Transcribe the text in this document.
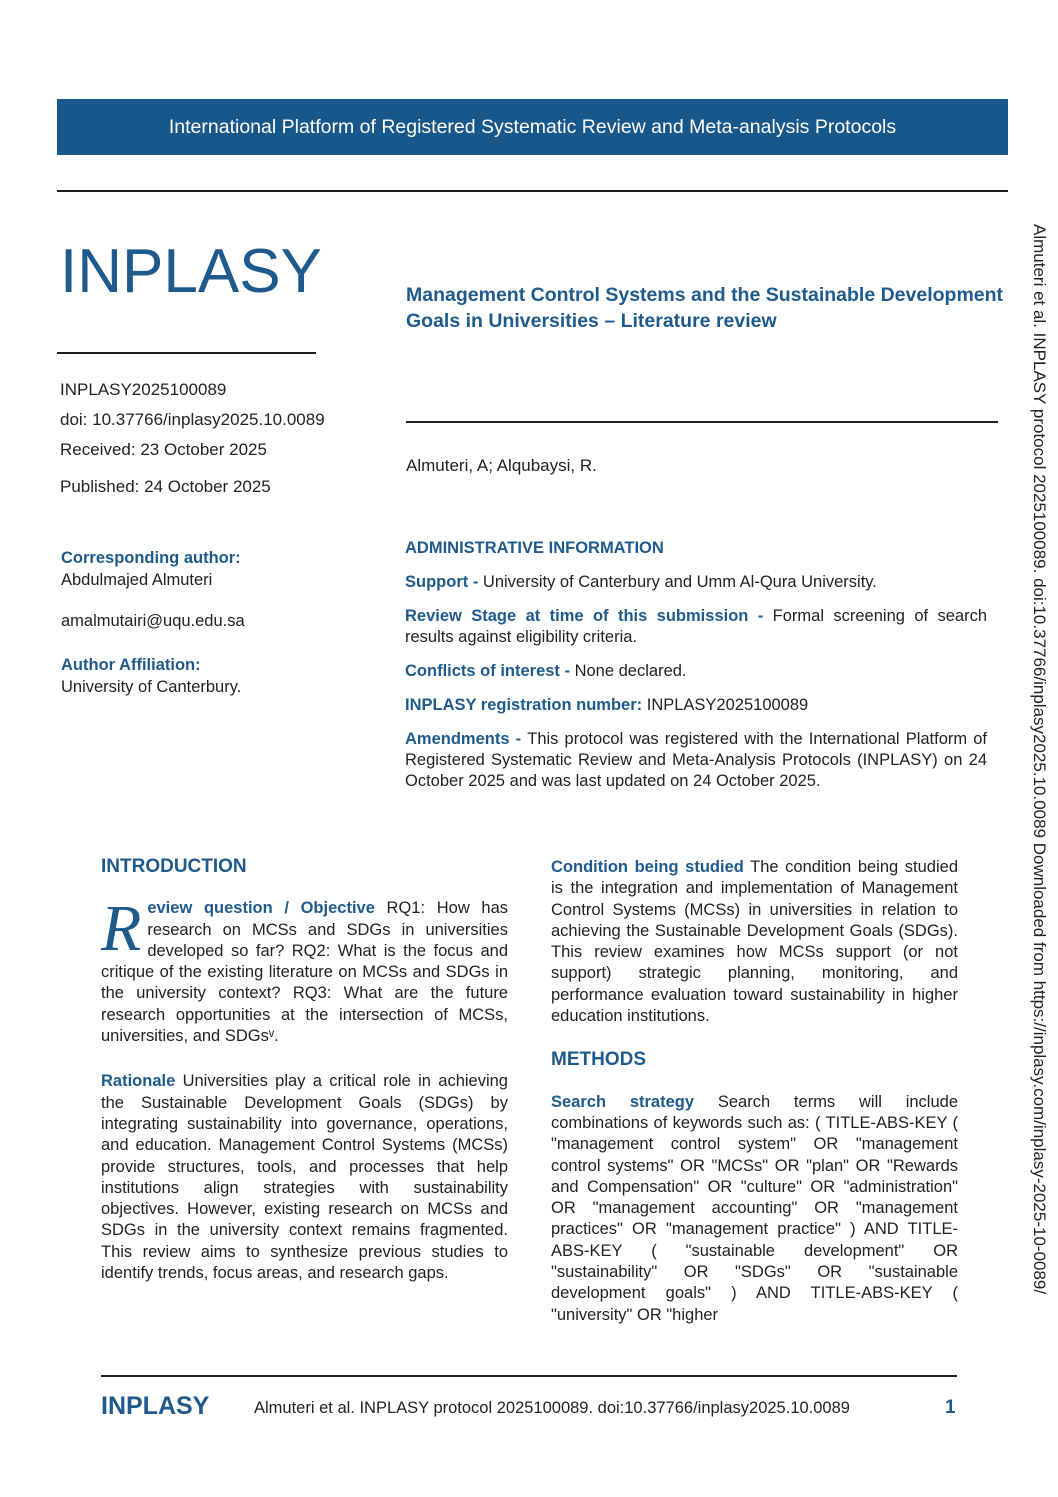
International Platform of Registered Systematic Review and Meta-analysis Protocols
INPLASY	Management Control Systems and the Sustainable Development Goals in Universities – Literature review
INPLASY2025100089
doi: 10.37766/inplasy2025.10.0089
Received: 23 October 2025
Published: 24 October 2025
Almuteri, A; Alqubaysi, R.
Corresponding author:
Abdulmajed Almuteri
amalmutairi@uqu.edu.sa
Author Affiliation:
University of Canterbury.

ADMINISTRATIVE INFORMATION

Support - University of Canterbury and Umm Al-Qura University.

Review Stage at time of this submission - Formal screening of search results against eligibility criteria.

Conflicts of interest - None declared.

INPLASY registration number: INPLASY2025100089

Amendments - This protocol was registered with the International Platform of Registered Systematic Review and Meta-Analysis Protocols (INPLASY) on 24 October 2025 and was last updated on 24 October 2025.

INTRODUCTION

Review question / Objective RQ1: How has research on MCSs and SDGs in universities developed so far? RQ2: What is the focus and critique of the existing literature on MCSs and SDGs in the university context? RQ3: What are the future research opportunities at the intersection of MCSs, universities, and SDGsᵛ.

Rationale Universities play a critical role in achieving the Sustainable Development Goals (SDGs) by integrating sustainability into governance, operations, and education. Management Control Systems (MCSs) provide structures, tools, and processes that help institutions align strategies with sustainability objectives. However, existing research on MCSs and SDGs in the university context remains fragmented. This review aims to synthesize previous studies to identify trends, focus areas, and research gaps.

Condition being studied The condition being studied is the integration and implementation of Management Control Systems (MCSs) in universities in relation to achieving the Sustainable Development Goals (SDGs). This review examines how MCSs support (or not support) strategic planning, monitoring, and performance evaluation toward sustainability in higher education institutions.

METHODS

Search strategy Search terms will include combinations of keywords such as: ( TITLE-ABS-KEY ( "management control system" OR "management control systems" OR "MCSs" OR "plan" OR "Rewards and Compensation" OR "culture" OR "administration" OR "management accounting" OR "management practices" OR "management practice" ) AND TITLE-ABS-KEY ( "sustainable development" OR "sustainability" OR "SDGs" OR "sustainable development goals" ) AND TITLE-ABS-KEY ( "university" OR "higher

Almuteri et al. INPLASY protocol 2025100089. doi:10.37766/inplasy2025.10.0089 Downloaded from https://inplasy.com/inplasy-2025-10-0089/
INPLASY	Almuteri et al. INPLASY protocol 2025100089. doi:10.37766/inplasy2025.10.0089	1
